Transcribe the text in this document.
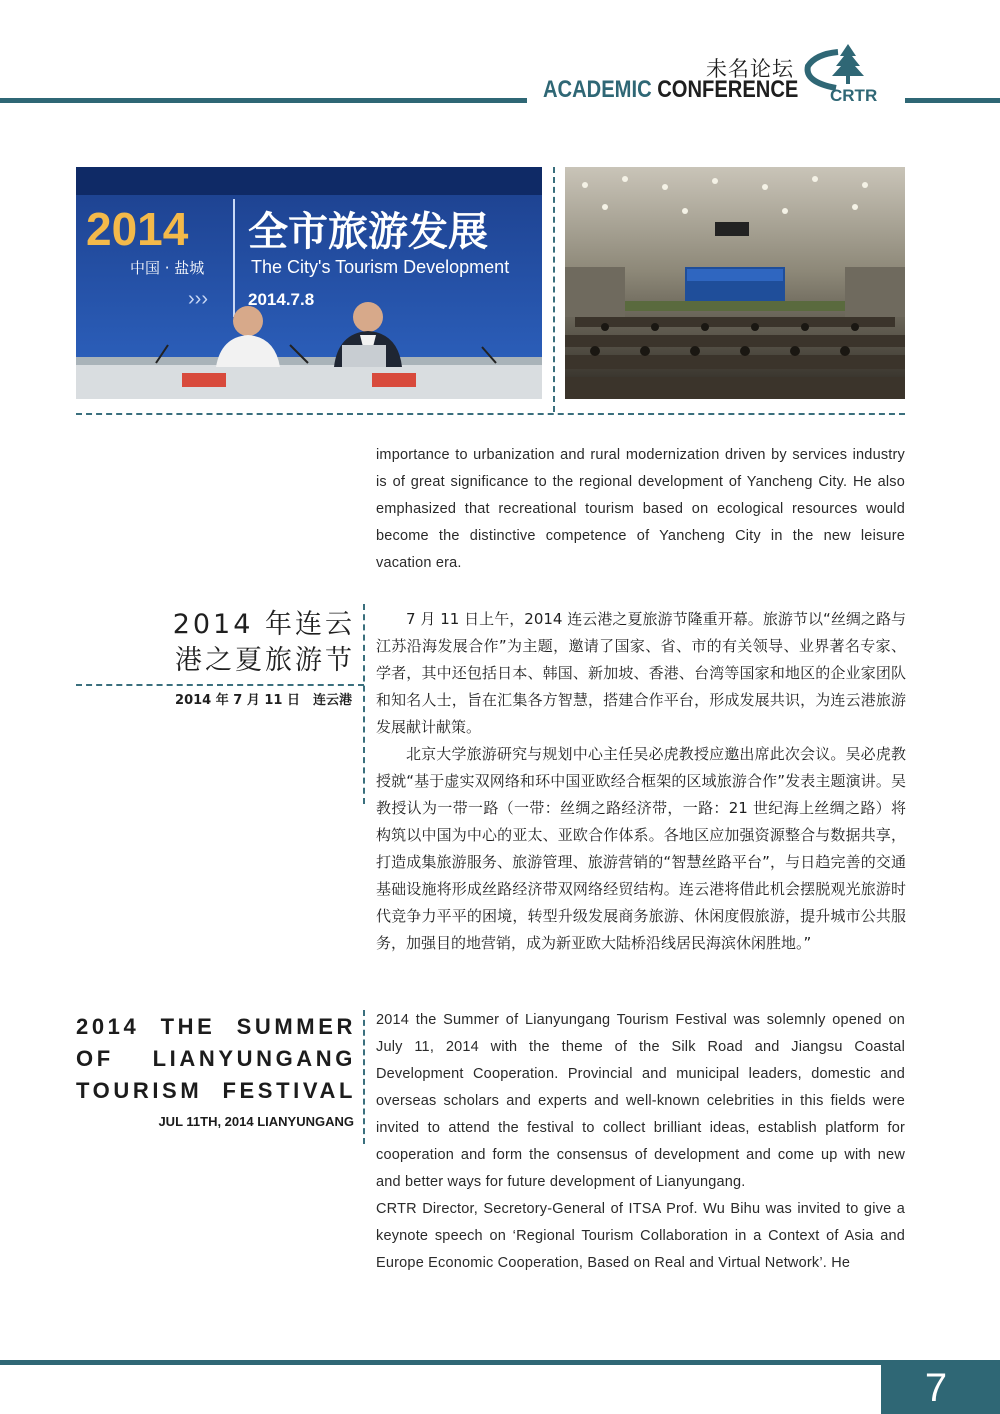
未名论坛
ACADEMIC CONFERENCE CRTR
2014 全市旅游发展
中国 · 盐城	The City's Tourism Development
››› 2014.7.8

importance to urbanization and rural modernization driven by services industry is of great significance to the regional development of Yancheng City. He also emphasized that recreational tourism based on ecological resources would become the distinctive competence of Yancheng City in the new leisure vacation era.

2014 年连云港之夏旅游节
2014 年 7 月 11 日　连云港

7 月 11 日上午，2014 连云港之夏旅游节隆重开幕。旅游节以“丝绸之路与江苏沿海发展合作”为主题，邀请了国家、省、市的有关领导、业界著名专家、学者，其中还包括日本、韩国、新加坡、香港、台湾等国家和地区的企业家团队和知名人士，旨在汇集各方智慧，搭建合作平台，形成发展共识，为连云港旅游发展献计献策。

北京大学旅游研究与规划中心主任吴必虎教授应邀出席此次会议。吴必虎教授就“基于虚实双网络和环中国亚欧经合框架的区域旅游合作”发表主题演讲。吴教授认为一带一路（一带：丝绸之路经济带，一路：21 世纪海上丝绸之路）将构筑以中国为中心的亚太、亚欧合作体系。各地区应加强资源整合与数据共享，打造成集旅游服务、旅游管理、旅游营销的“智慧丝路平台”，与日趋完善的交通基础设施将形成丝路经济带双网络经贸结构。连云港将借此机会摆脱观光旅游时代竞争力平平的困境，转型升级发展商务旅游、休闲度假旅游，提升城市公共服务，加强目的地营销，成为新亚欧大陆桥沿线居民海滨休闲胜地。”

2014 THE SUMMER OF LIANYUNGANG TOURISM FESTIVAL
JUL 11TH, 2014 LIANYUNGANG

2014 the Summer of Lianyungang Tourism Festival was solemnly opened on July 11, 2014 with the theme of the Silk Road and Jiangsu Coastal Development Cooperation. Provincial and municipal leaders, domestic and overseas scholars and experts and well-known celebrities in this fields were invited to attend the festival to collect brilliant ideas, establish platform for cooperation and form the consensus of development and come up with new and better ways for future development of Lianyungang.

CRTR Director, Secretory-General of ITSA Prof. Wu Bihu was invited to give a keynote speech on ‘Regional Tourism Collaboration in a Context of Asia and Europe Economic Cooperation, Based on Real and Virtual Network’. He

7
